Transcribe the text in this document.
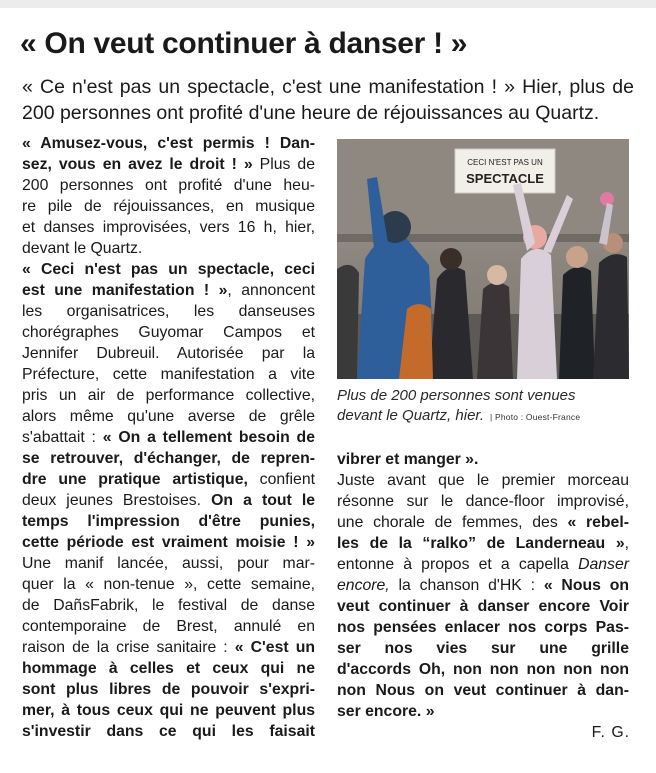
« On veut continuer à danser ! »

« Ce n'est pas un spectacle, c'est une manifestation ! » Hier, plus de
200 personnes ont profité d'une heure de réjouissances au Quartz.

« Amusez-vous, c'est permis ! Dan-
sez, vous en avez le droit ! » Plus de
200 personnes ont profité d'une heu-
re pile de réjouissances, en musique
et danses improvisées, vers 16 h, hier,
devant le Quartz.
« Ceci n'est pas un spectacle, ceci
est une manifestation ! », annoncent
les organisatrices, les danseuses
chorégraphes Guyomar Campos et
Jennifer Dubreuil. Autorisée par la
Préfecture, cette manifestation a vite
pris un air de performance collective,
alors même qu'une averse de grêle
s'abattait : « On a tellement besoin de
se retrouver, d'échanger, de repren-
dre une pratique artistique, confient
deux jeunes Brestoises. On a tout le
temps l'impression d'être punies,
cette période est vraiment moisie ! »
Une manif lancée, aussi, pour mar-
quer la « non-tenue », cette semaine,
de DañsFabrik, le festival de danse
contemporaine de Brest, annulé en
raison de la crise sanitaire : « C'est un
hommage à celles et ceux qui ne
sont plus libres de pouvoir s'expri-
mer, à tous ceux qui ne peuvent plus
s'investir dans ce qui les faisait
CECI N'EST PAS UN
SPECTACLE
Plus de 200 personnes sont venues
devant le Quartz, hier. | Photo : Ouest-France
vibrer et manger ».
Juste avant que le premier morceau
résonne sur le dance-floor improvisé,
une chorale de femmes, des « rebel-
les de la “ralko” de Landerneau »,
entonne à propos et a capella Danser
encore, la chanson d'HK : « Nous on
veut continuer à danser encore Voir
nos pensées enlacer nos corps Pas-
ser nos vies sur une grille
d'accords Oh, non non non non non
non Nous on veut continuer à dan-
ser encore. »
F. G.
